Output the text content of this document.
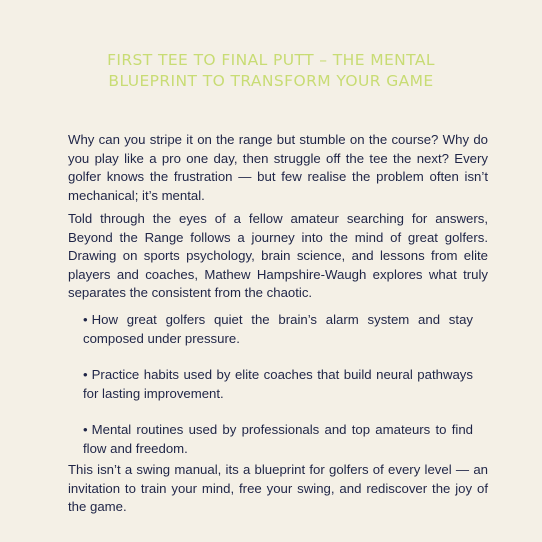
FIRST TEE TO FINAL PUTT – THE MENTAL
BLUEPRINT TO TRANSFORM YOUR GAME
Why can you stripe it on the range but stumble on the course? Why do you play like a pro one day, then struggle off the tee the next? Every golfer knows the frustration — but few realise the problem often isn’t mechanical; it’s mental.
Told through the eyes of a fellow amateur searching for answers, Beyond the Range follows a journey into the mind of great golfers. Drawing on sports psychology, brain science, and lessons from elite players and coaches, Mathew Hampshire-Waugh explores what truly separates the consistent from the chaotic.
• How great golfers quiet the brain’s alarm system and stay composed under pressure.
• Practice habits used by elite coaches that build neural pathways for lasting improvement.
• Mental routines used by professionals and top amateurs to find flow and freedom.
This isn’t a swing manual, its a blueprint for golfers of every level — an invitation to train your mind, free your swing, and rediscover the joy of the game.
